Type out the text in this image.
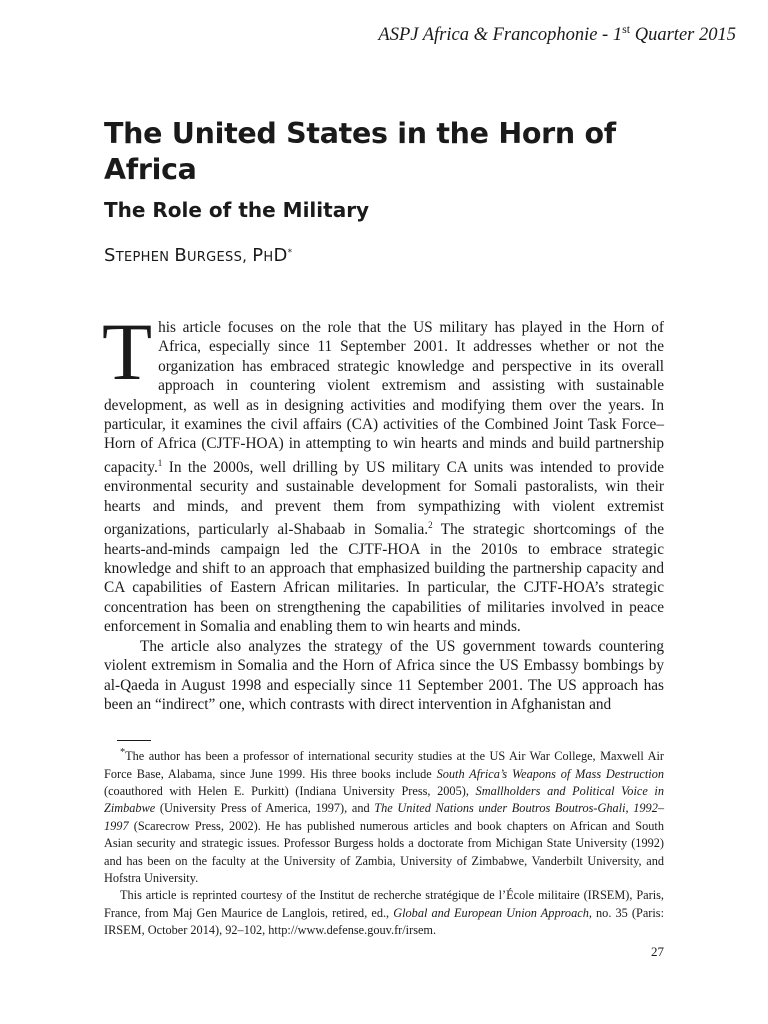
ASPJ Africa & Francophonie - 1st Quarter 2015
The United States in the Horn of Africa
The Role of the Military
STEPHEN BURGESS, PHD*

This article focuses on the role that the US military has played in the Horn of Africa, especially since 11 September 2001. It addresses whether or not the organization has embraced strategic knowledge and perspective in its overall approach in countering violent extremism and assisting with sustainable development, as well as in designing activities and modifying them over the years. In particular, it examines the civil affairs (CA) activities of the Combined Joint Task Force–Horn of Africa (CJTF-HOA) in attempting to win hearts and minds and build partnership capacity.$^1$ In the 2000s, well drilling by US military CA units was intended to provide environmental security and sustainable development for Somali pastoralists, win their hearts and minds, and prevent them from sympathizing with violent extremist organizations, particularly al-Shabaab in Somalia.$^2$ The strategic shortcomings of the hearts-and-minds campaign led the CJTF-HOA in the 2010s to embrace strategic knowledge and shift to an approach that emphasized building the partnership capacity and CA capabilities of Eastern African militaries. In particular, the CJTF-HOA’s strategic concentration has been on strengthening the capabilities of militaries involved in peace enforcement in Somalia and enabling them to win hearts and minds.

The article also analyzes the strategy of the US government towards countering violent extremism in Somalia and the Horn of Africa since the US Embassy bombings by al-Qaeda in August 1998 and especially since 11 September 2001. The US approach has been an “indirect” one, which contrasts with direct intervention in Afghanistan and

*The author has been a professor of international security studies at the US Air War College, Maxwell Air Force Base, Alabama, since June 1999. His three books include South Africa’s Weapons of Mass Destruction (coauthored with Helen E. Purkitt) (Indiana University Press, 2005), Smallholders and Political Voice in Zimbabwe (University Press of America, 1997), and The United Nations under Boutros Boutros-Ghali, 1992–1997 (Scarecrow Press, 2002). He has published numerous articles and book chapters on African and South Asian security and strategic issues. Professor Burgess holds a doctorate from Michigan State University (1992) and has been on the faculty at the University of Zambia, University of Zimbabwe, Vanderbilt University, and Hofstra University.

This article is reprinted courtesy of the Institut de recherche stratégique de l’École militaire (IRSEM), Paris, France, from Maj Gen Maurice de Langlois, retired, ed., Global and European Union Approach, no. 35 (Paris: IRSEM, October 2014), 92–102, http://www.defense.gouv.fr/irsem.

27
